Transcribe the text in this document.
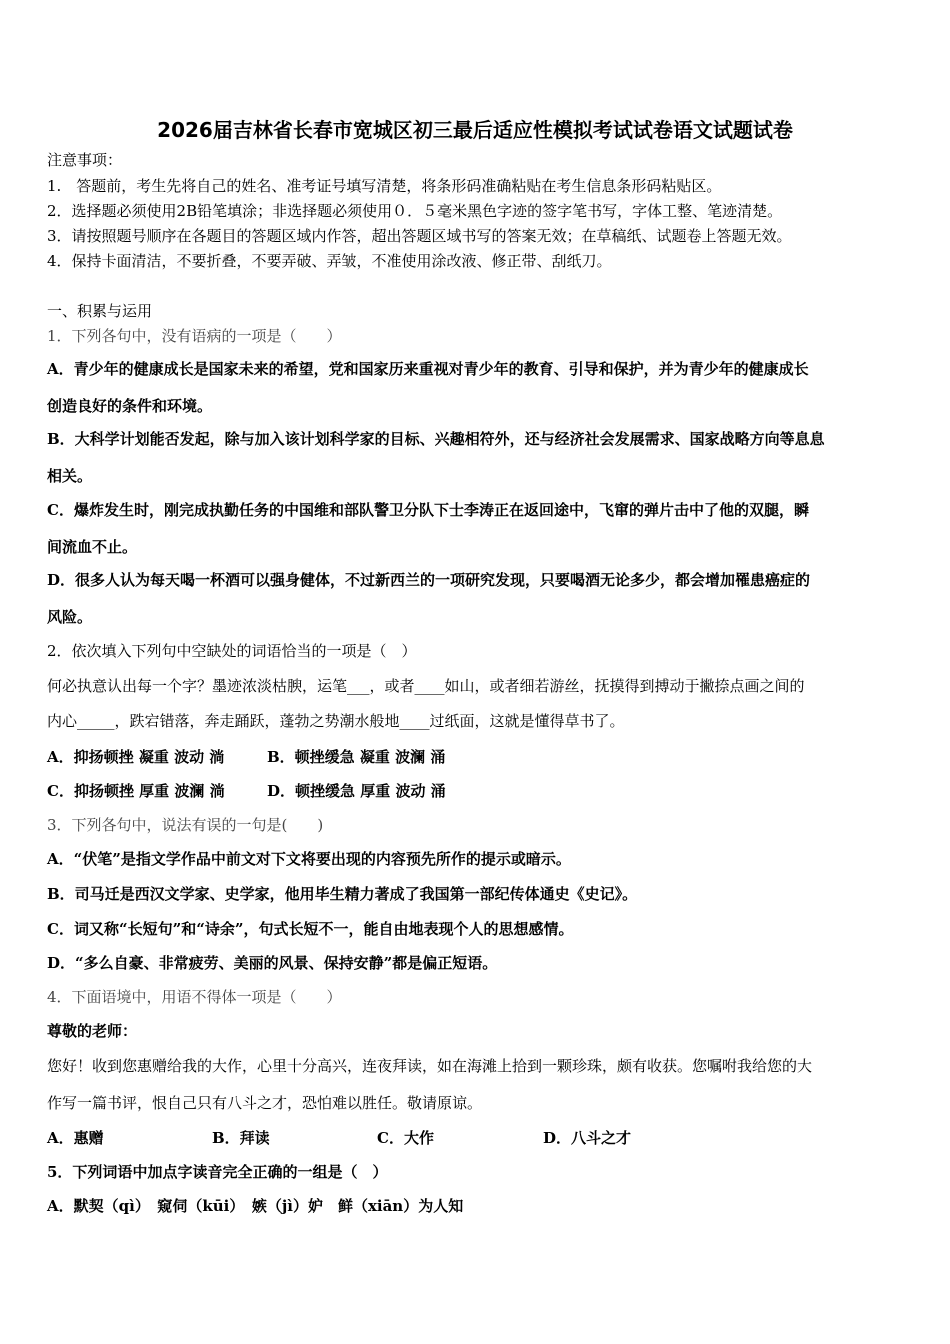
2026届吉林省长春市宽城区初三最后适应性模拟考试试卷语文试题试卷
注意事项：
1.　答题前，考生先将自己的姓名、准考证号填写清楚，将条形码准确粘贴在考生信息条形码粘贴区。
2．选择题必须使用2B铅笔填涂；非选择题必须使用０．５毫米黑色字迹的签字笔书写，字体工整、笔迹清楚。
3．请按照题号顺序在各题目的答题区域内作答，超出答题区域书写的答案无效；在草稿纸、试题卷上答题无效。
4．保持卡面清洁，不要折叠，不要弄破、弄皱，不准使用涂改液、修正带、刮纸刀。
一、积累与运用
1．下列各句中，没有语病的一项是（　　）
A．青少年的健康成长是国家未来的希望，党和国家历来重视对青少年的教育、引导和保护，并为青少年的健康成长
创造良好的条件和环境。
B．大科学计划能否发起，除与加入该计划科学家的目标、兴趣相符外，还与经济社会发展需求、国家战略方向等息息
相关。
C．爆炸发生时，刚完成执勤任务的中国维和部队警卫分队下士李涛正在返回途中，飞窜的弹片击中了他的双腿，瞬
间流血不止。
D．很多人认为每天喝一杯酒可以强身健体，不过新西兰的一项研究发现，只要喝酒无论多少，都会增加罹患癌症的
风险。
2．依次填入下列句中空缺处的词语恰当的一项是（　）
何必执意认出每一个字？墨迹浓淡枯腴，运笔___，或者____如山，或者细若游丝，抚摸得到搏动于撇捺点画之间的
内心_____，跌宕错落，奔走踊跃，蓬勃之势潮水般地____过纸面，这就是懂得草书了。
A．抑扬顿挫 凝重 波动 淌	B．顿挫缓急 凝重 波澜 涌
C．抑扬顿挫 厚重 波澜 淌	D．顿挫缓急 厚重 波动 涌
3．下列各句中，说法有误的一句是(　　)
A．“伏笔”是指文学作品中前文对下文将要出现的内容预先所作的提示或暗示。
B．司马迁是西汉文学家、史学家，他用毕生精力著成了我国第一部纪传体通史《史记》。
C．词又称“长短句”和“诗余”，句式长短不一，能自由地表现个人的思想感情。
D．“多么自豪、非常疲劳、美丽的风景、保持安静”都是偏正短语。
4．下面语境中，用语不得体一项是（　　）
尊敬的老师：
您好！收到您惠赠给我的大作，心里十分高兴，连夜拜读，如在海滩上拾到一颗珍珠，颇有收获。您嘱咐我给您的大
作写一篇书评，恨自己只有八斗之才，恐怕难以胜任。敬请原谅。
A．惠赠	B．拜读	C．大作	D．八斗之才
5．下列词语中加点字读音完全正确的一组是（　）
A．默契（qì）　窥伺（kūi）　嫉（jì）妒　鲜（xiān）为人知
